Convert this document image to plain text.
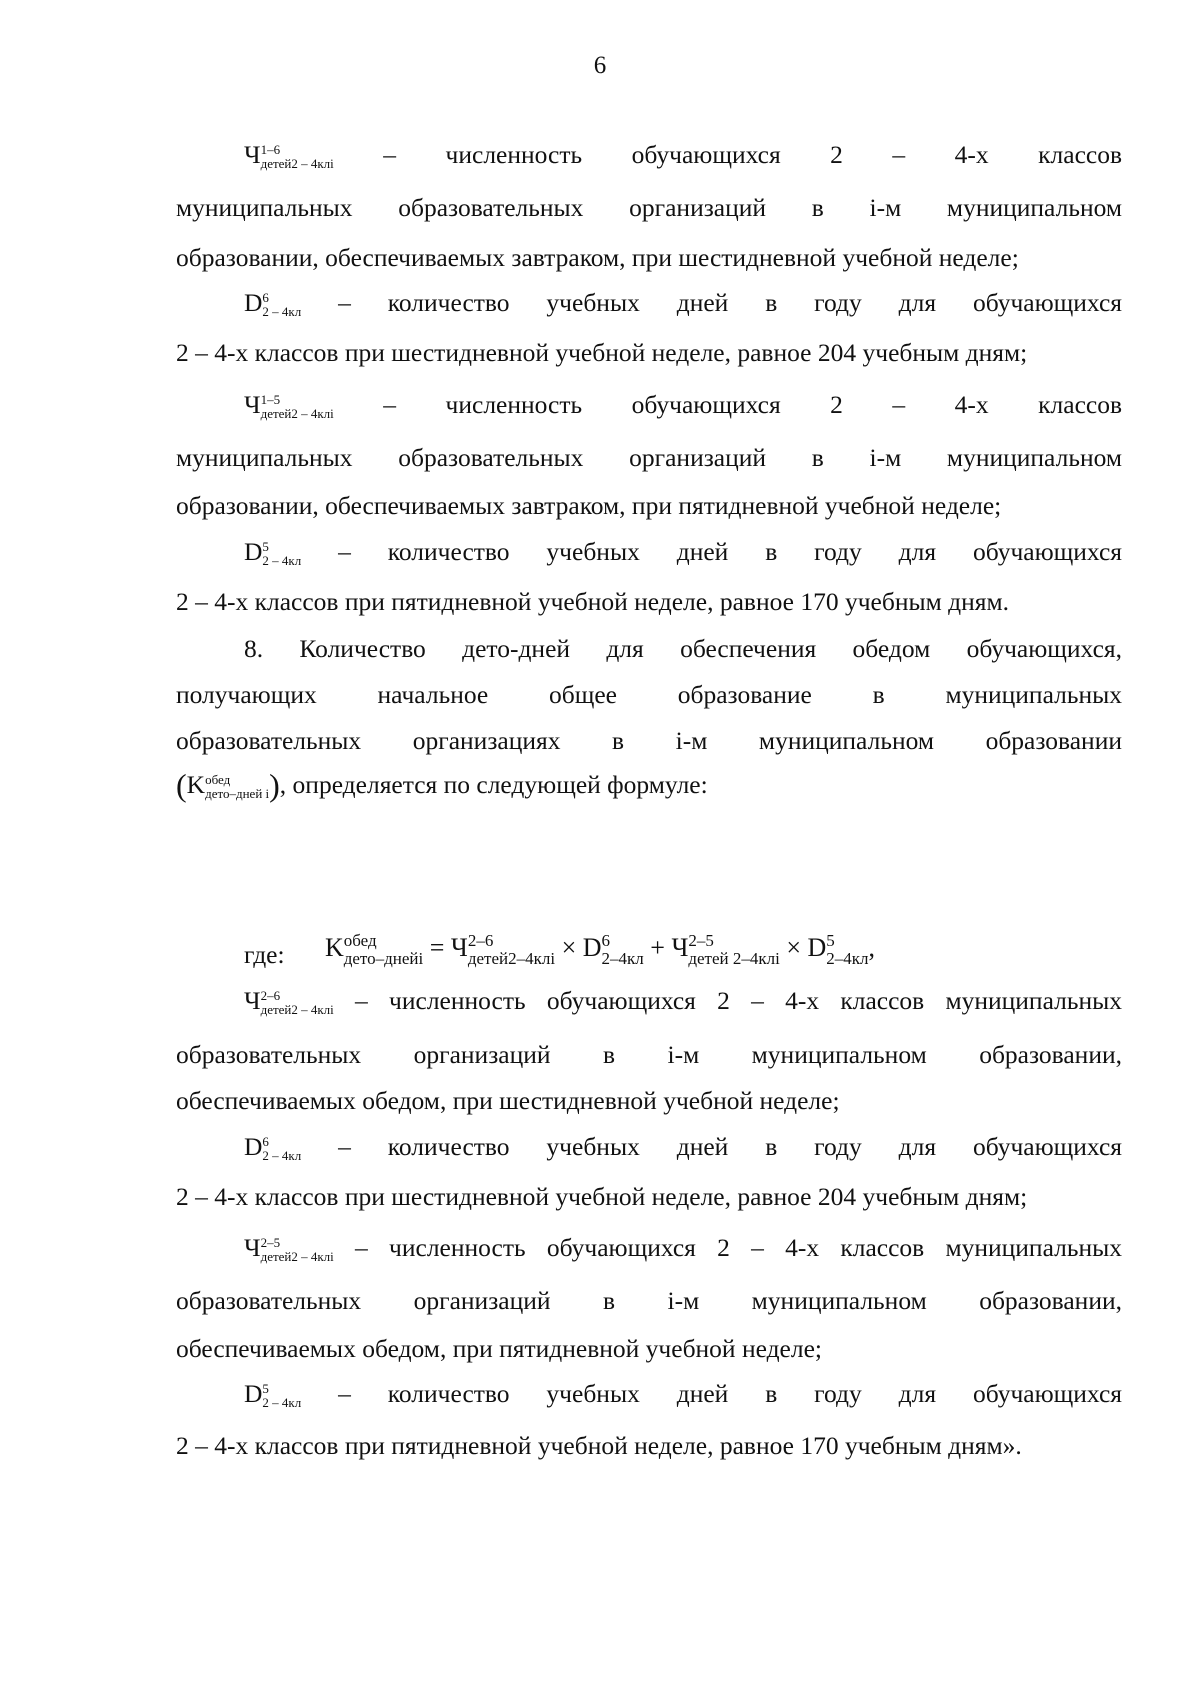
6
Ч 1–6
детей2 – 4клi – численность обучающихся 2 – 4-х классов
муниципальных образовательных организаций в i-м муниципальном
образовании, обеспечиваемых завтраком, при шестидневной учебной неделе;
D 6
2 – 4кл – количество учебных дней в году для обучающихся
2 – 4-х классов при шестидневной учебной неделе, равное 204 учебным дням;
Ч 1–5
детей2 – 4клi – численность обучающихся 2 – 4-х классов
муниципальных образовательных организаций в i-м муниципальном
образовании, обеспечиваемых завтраком, при пятидневной учебной неделе;
D 5
2 – 4кл – количество учебных дней в году для обучающихся
2 – 4-х классов при пятидневной учебной неделе, равное 170 учебным дням.
8. Количество дето-дней для обеспечения обедом обучающихся,
получающих начальное общее образование в муниципальных
образовательных организациях в i-м муниципальном образовании
(K обед
дето–дней i ), определяется по следующей формуле:
K обед
дето–днейi = Ч 2–6
детей2–4клi × D 6
2–4кл + Ч 2–5
детей 2–4клi × D 5
2–4кл ,
где:
Ч 2–6
детей2 – 4клi – численность обучающихся 2 – 4-х классов муниципальных
образовательных организаций в i-м муниципальном образовании,
обеспечиваемых обедом, при шестидневной учебной неделе;
D 6
2 – 4кл – количество учебных дней в году для обучающихся
2 – 4-х классов при шестидневной учебной неделе, равное 204 учебным дням;
Ч 2–5
детей2 – 4клi – численность обучающихся 2 – 4-х классов муниципальных
образовательных организаций в i-м муниципальном образовании,
обеспечиваемых обедом, при пятидневной учебной неделе;
D 5
2 – 4кл – количество учебных дней в году для обучающихся
2 – 4-х классов при пятидневной учебной неделе, равное 170 учебным дням».
